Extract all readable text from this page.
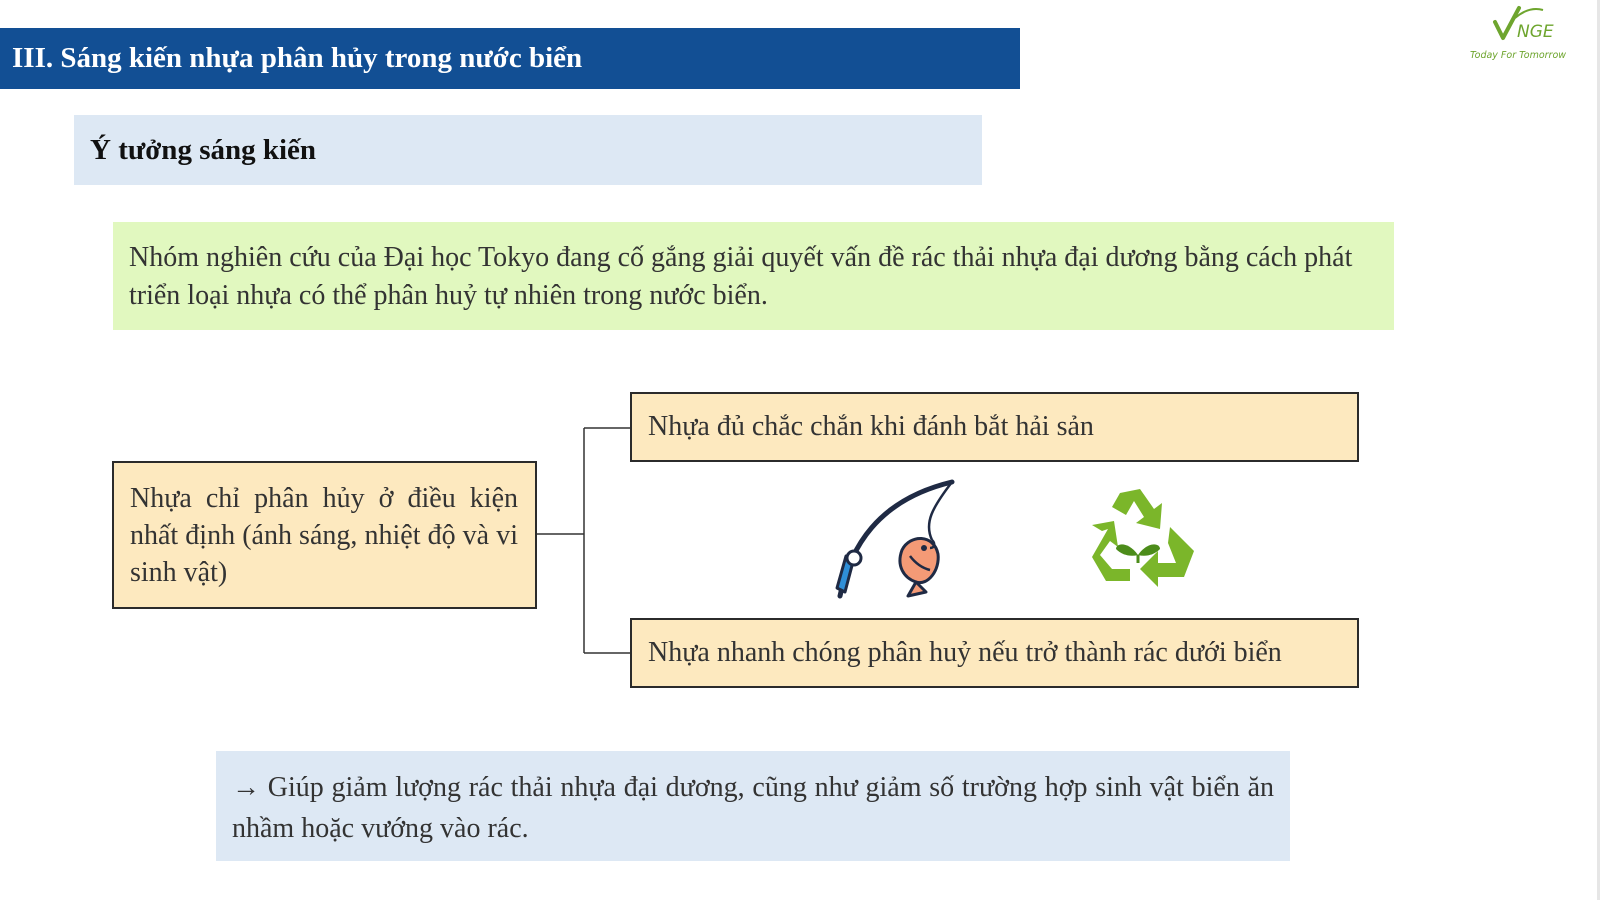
III. Sáng kiến nhựa phân hủy trong nước biển
NGE
Today For Tomorrow
Ý tưởng sáng kiến
Nhóm nghiên cứu của Đại học Tokyo đang cố gắng giải quyết vấn đề rác thải nhựa đại dương bằng cách phát triển loại nhựa có thể phân huỷ tự nhiên trong nước biển.
Nhựa chỉ phân hủy ở điều kiện nhất định (ánh sáng, nhiệt độ và vi sinh vật)
Nhựa đủ chắc chắn khi đánh bắt hải sản
Nhựa nhanh chóng phân huỷ nếu trở thành rác dưới biển
→ Giúp giảm lượng rác thải nhựa đại dương, cũng như giảm số trường hợp sinh vật biển ăn nhầm hoặc vướng vào rác.
